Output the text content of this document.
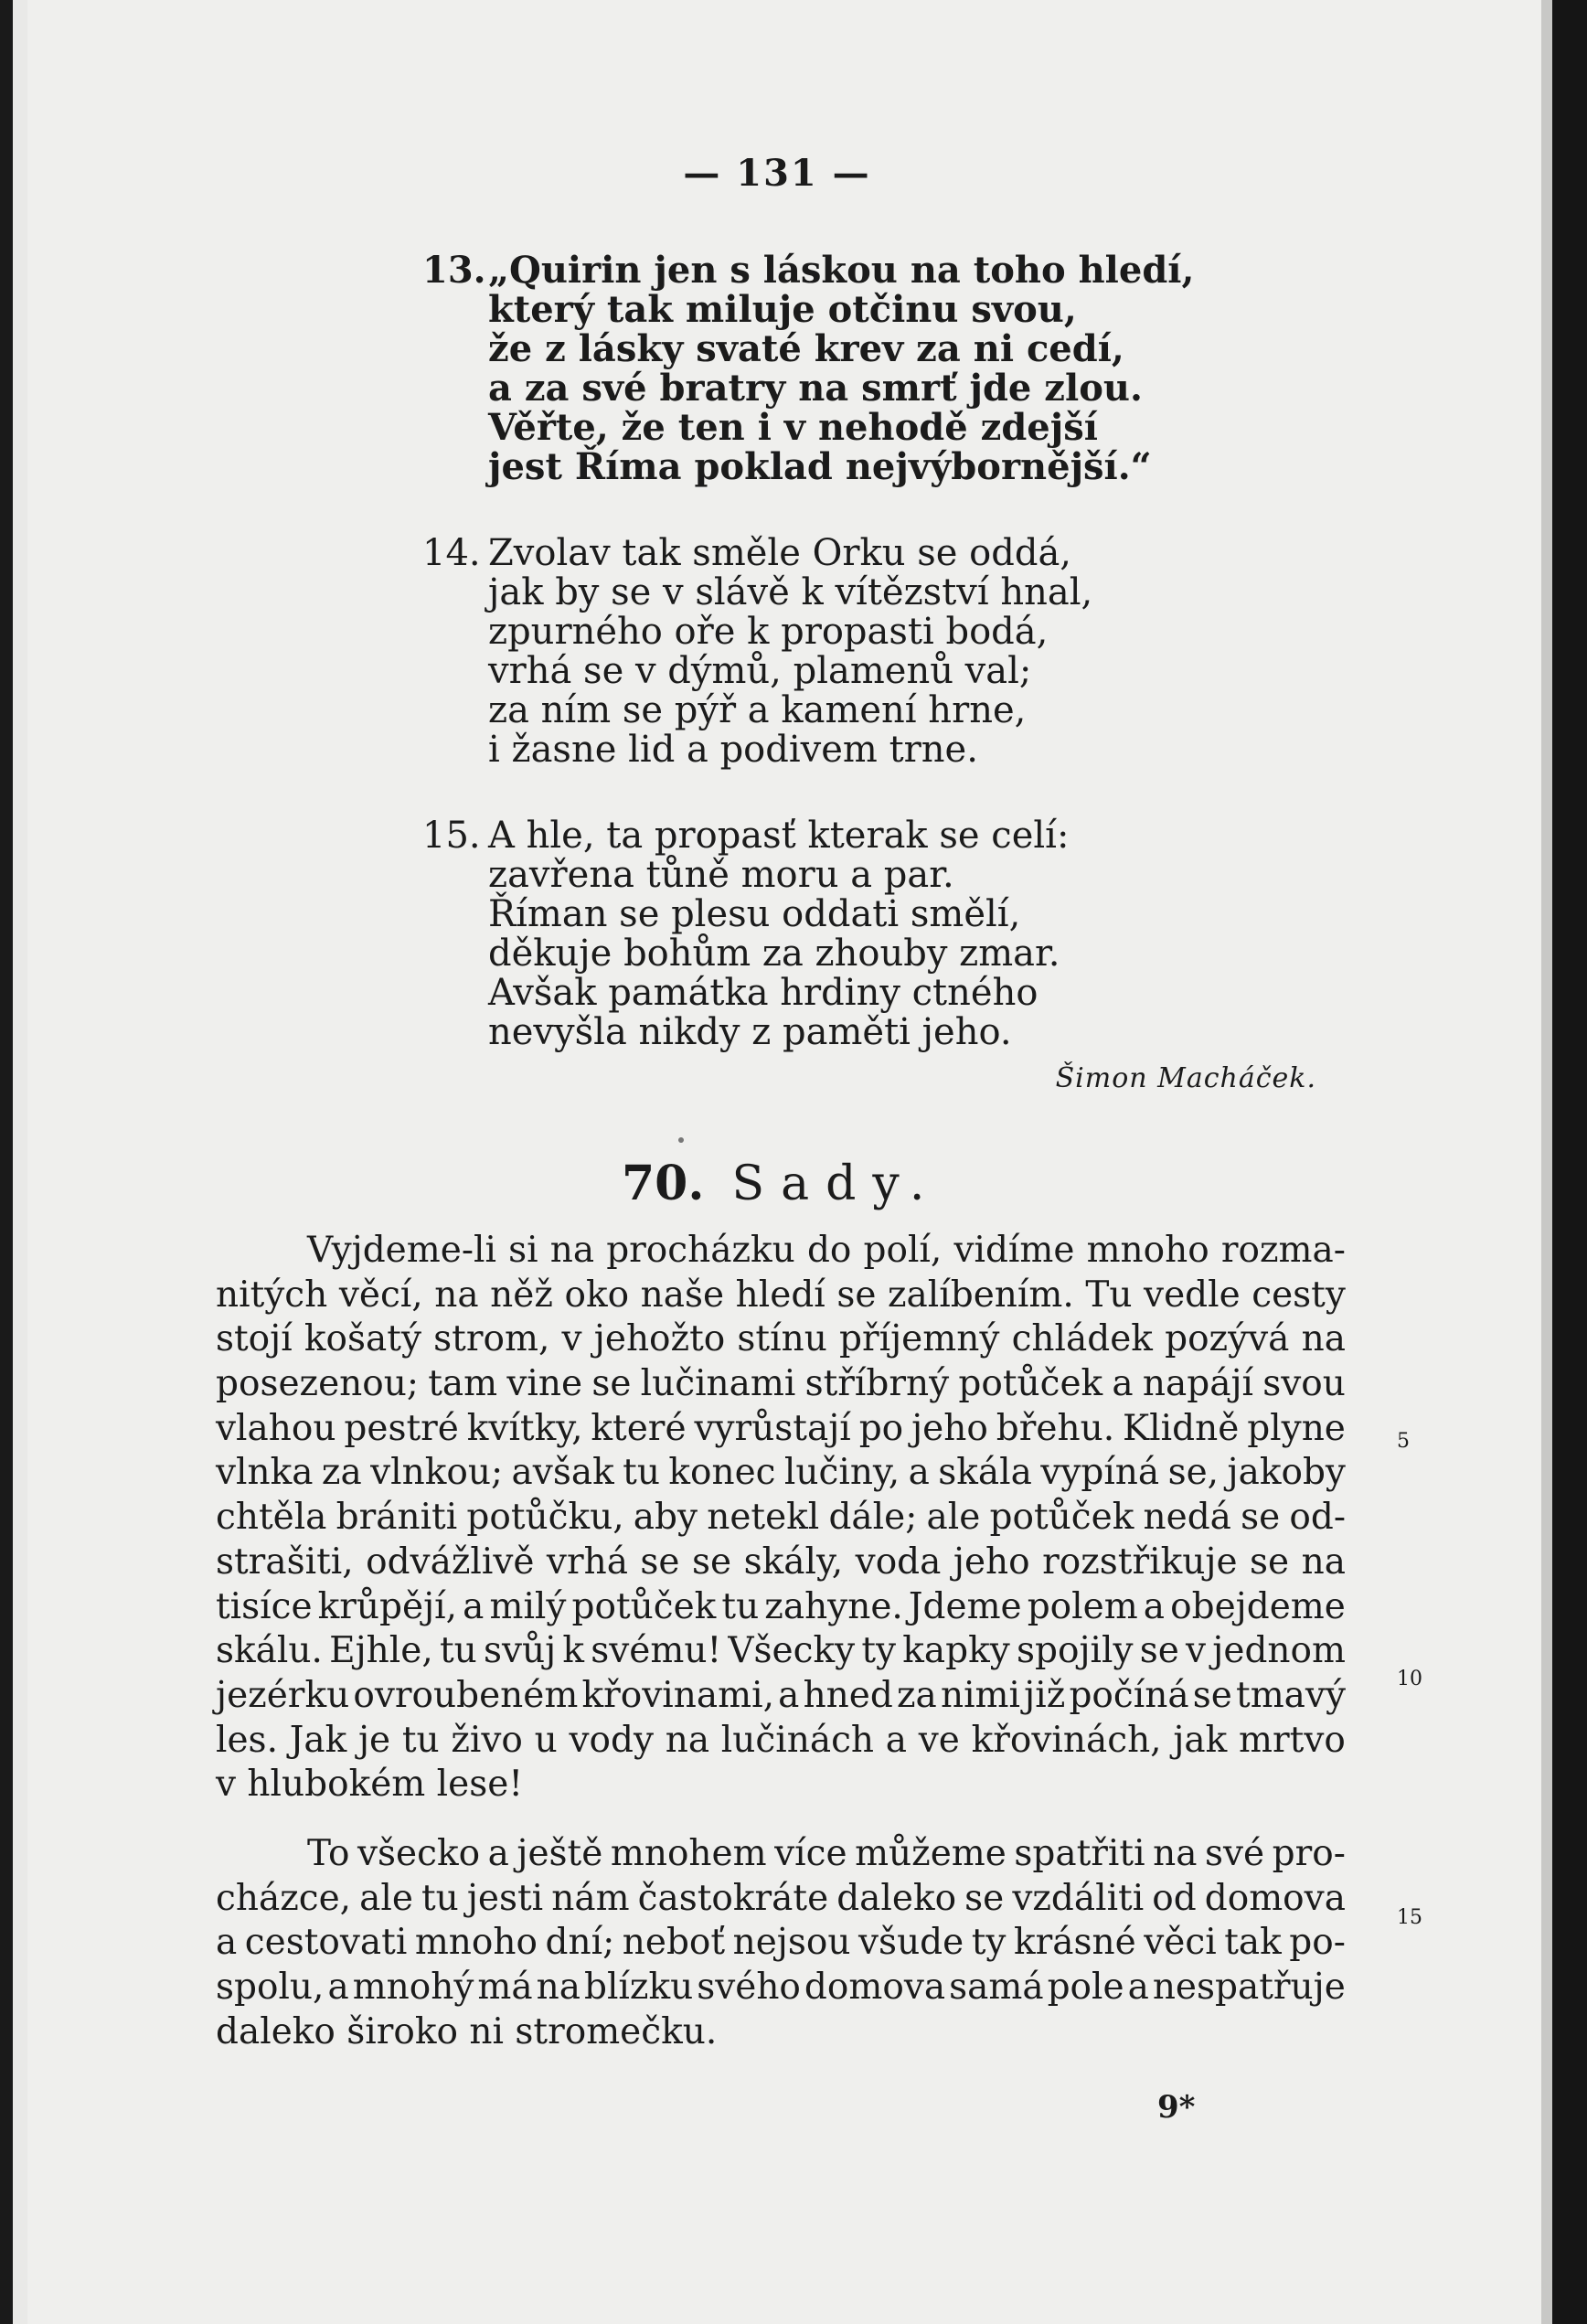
— 131 —
13. „Quirin jen s láskou na toho hledí,
který tak miluje otčinu svou,
že z lásky svaté krev za ni cedí,
a za své bratry na smrť jde zlou.
Věřte, že ten i v nehodě zdejší
jest Říma poklad nejvýbornější.“
14. Zvolav tak směle Orku se oddá,
jak by se v slávě k vítězství hnal,
zpurného oře k propasti bodá,
vrhá se v dýmů, plamenů val;
za ním se pýř a kamení hrne,
i žasne lid a podivem trne.
15. A hle, ta propasť kterak se celí:
zavřena tůně moru a par.
Říman se plesu oddati smělí,
děkuje bohům za zhouby zmar.
Avšak památka hrdiny ctného
nevyšla nikdy z paměti jeho.
Šimon Macháček.
70. Sady.
Vyjdeme-li si na procházku do polí, vidíme mnoho rozma-
nitých věcí, na něž oko naše hledí se zalíbením. Tu vedle cesty
stojí košatý strom, v jehožto stínu příjemný chládek pozývá na
posezenou; tam vine se lučinami stříbrný potůček a napájí svou
vlahou pestré kvítky, které vyrůstají po jeho břehu. Klidně plyne
vlnka za vlnkou; avšak tu konec lučiny, a skála vypíná se, jakoby
chtěla brániti potůčku, aby netekl dále; ale potůček nedá se od-
strašiti, odvážlivě vrhá se se skály, voda jeho rozstřikuje se na
tisíce krůpějí, a milý potůček tu zahyne. Jdeme polem a obejdeme
skálu. Ejhle, tu svůj k svému! Všecky ty kapky spojily se v jednom
jezérku ovroubeném křovinami, a hned za nimi již počíná se tmavý
les. Jak je tu živo u vody na lučinách a ve křovinách, jak mrtvo
v hlubokém lese!
To všecko a ještě mnohem více můžeme spatřiti na své pro-
cházce, ale tu jesti nám častokráte daleko se vzdáliti od domova
a cestovati mnoho dní; neboť nejsou všude ty krásné věci tak po-
spolu, a mnohý má na blízku svého domova samá pole a nespatřuje
daleko široko ni stromečku.
5
10
15
9*
